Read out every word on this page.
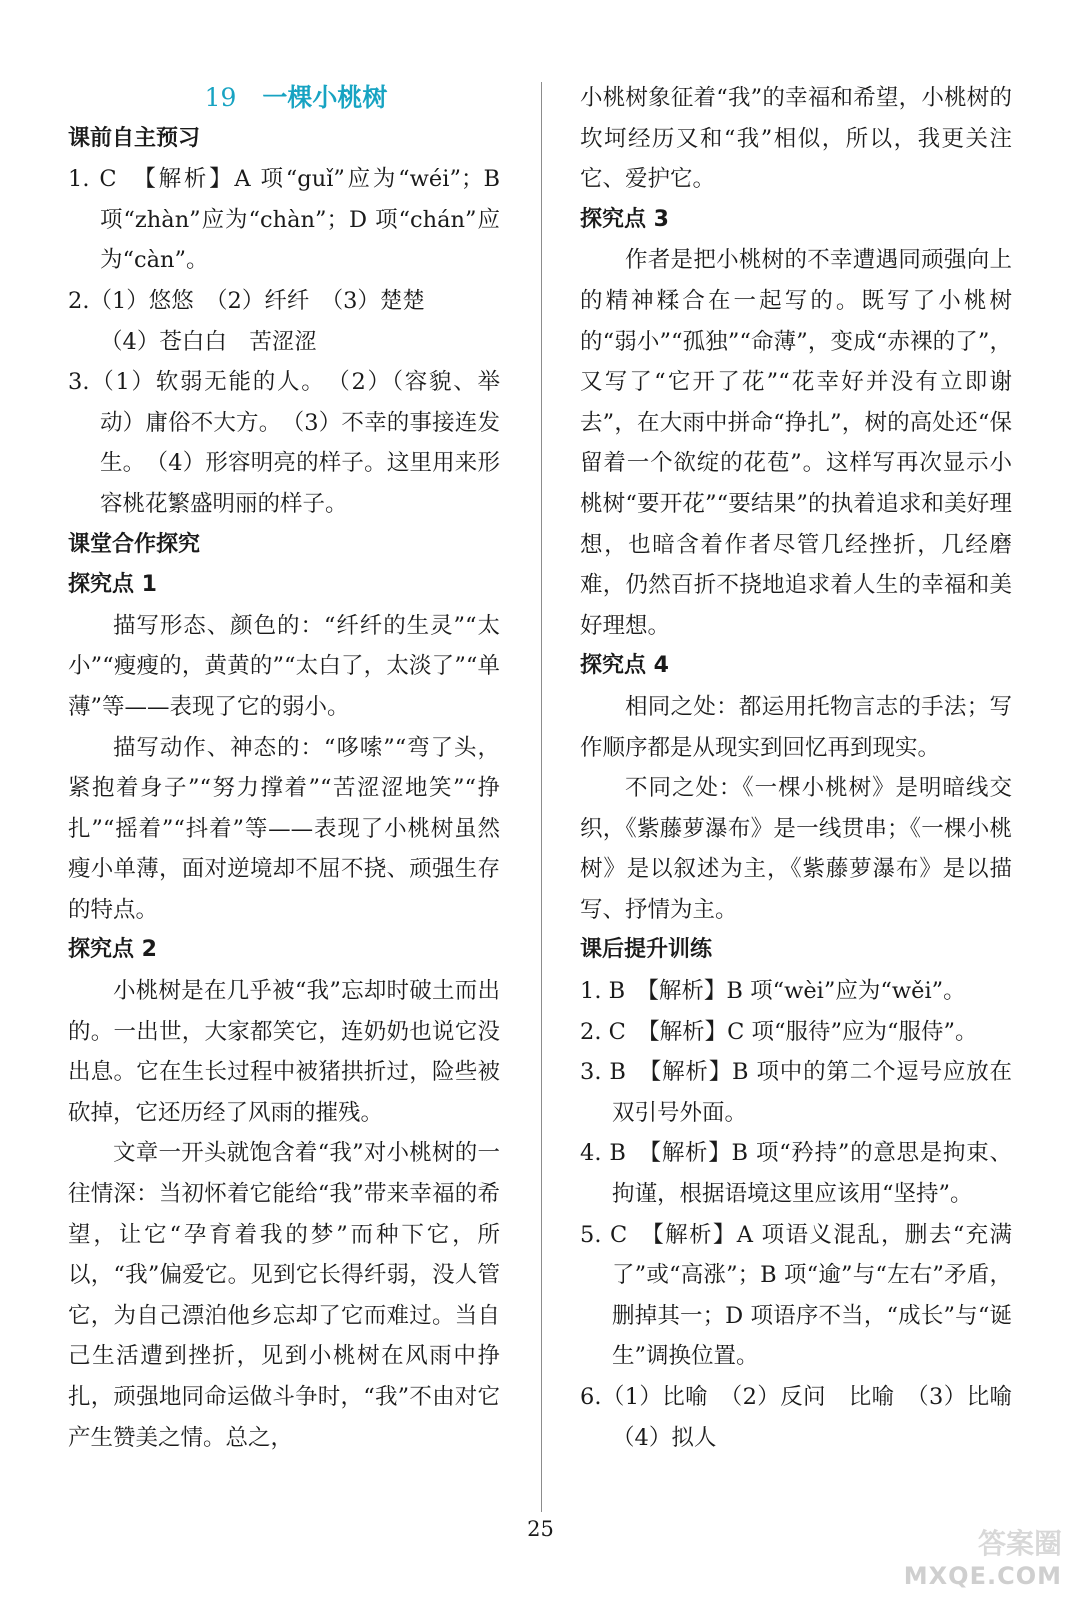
19 一棵小桃树
课前自主预习
1. C　【解析】A 项“guǐ”应为“wéi”；B 项“zhàn”应为“chàn”；D 项“chán”应为“càn”。
2.（1）悠悠　（2）纤纤　（3）楚楚
（4）苍白白　苦涩涩
3.（1）软弱无能的人。　（2）（容貌、举动）庸俗不大方。　（3）不幸的事接连发生。　（4）形容明亮的样子。这里用来形容桃花繁盛明丽的样子。
课堂合作探究
探究点 1
描写形态、颜色的：“纤纤的生灵”“太小”“瘦瘦的，黄黄的”“太白了，太淡了”“单薄”等——表现了它的弱小。
描写动作、神态的：“哆嗦”“弯了头，紧抱着身子”“努力撑着”“苦涩涩地笑”“挣扎”“摇着”“抖着”等——表现了小桃树虽然瘦小单薄，面对逆境却不屈不挠、顽强生存的特点。
探究点 2
小桃树是在几乎被“我”忘却时破土而出的。一出世，大家都笑它，连奶奶也说它没出息。它在生长过程中被猪拱折过，险些被砍掉，它还历经了风雨的摧残。
文章一开头就饱含着“我”对小桃树的一往情深：当初怀着它能给“我”带来幸福的希望，让它“孕育着我的梦”而种下它，所以，“我”偏爱它。见到它长得纤弱，没人管它，为自己漂泊他乡忘却了它而难过。当自己生活遭到挫折，见到小桃树在风雨中挣扎，顽强地同命运做斗争时，“我”不由对它产生赞美之情。总之，
小桃树象征着“我”的幸福和希望，小桃树的坎坷经历又和“我”相似，所以，我更关注它、爱护它。
探究点 3
作者是把小桃树的不幸遭遇同顽强向上的精神糅合在一起写的。既写了小桃树的“弱小”“孤独”“命薄”，变成“赤裸的了”，又写了“它开了花”“花幸好并没有立即谢去”，在大雨中拼命“挣扎”，树的高处还“保留着一个欲绽的花苞”。这样写再次显示小桃树“要开花”“要结果”的执着追求和美好理想，也暗含着作者尽管几经挫折，几经磨难，仍然百折不挠地追求着人生的幸福和美好理想。
探究点 4
相同之处：都运用托物言志的手法；写作顺序都是从现实到回忆再到现实。
不同之处：《一棵小桃树》是明暗线交织，《紫藤萝瀑布》是一线贯串；《一棵小桃树》是以叙述为主，《紫藤萝瀑布》是以描写、抒情为主。
课后提升训练
1. B　【解析】B 项“wèi”应为“wěi”。
2. C　【解析】C 项“服待”应为“服侍”。
3. B　【解析】B 项中的第二个逗号应放在双引号外面。
4. B　【解析】B 项“矜持”的意思是拘束、拘谨，根据语境这里应该用“坚持”。
5. C　【解析】A 项语义混乱，删去“充满了”或“高涨”；B 项“逾”与“左右”矛盾，删掉其一；D 项语序不当，“成长”与“诞生”调换位置。
6.（1）比喻　（2）反问　比喻　（3）比喻　（4）拟人
25	答案圈
MXQE.COM
